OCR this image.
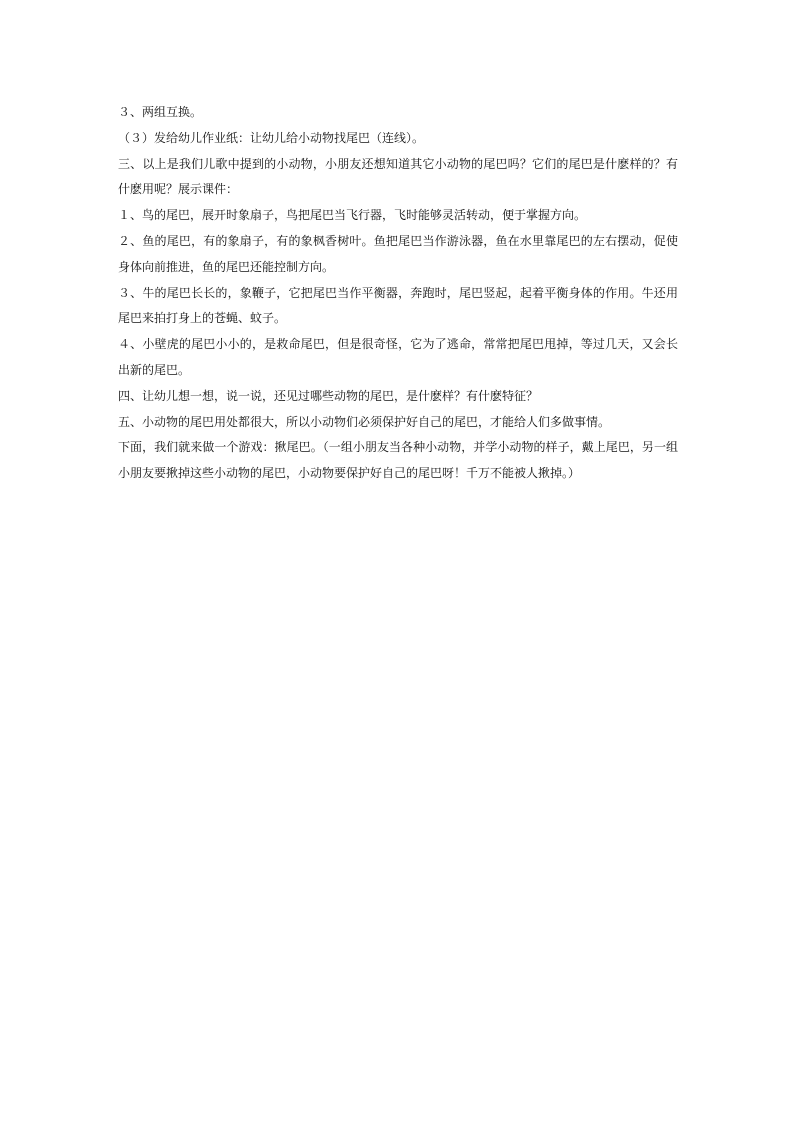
３、两组互换。

（３）发给幼儿作业纸：让幼儿给小动物找尾巴（连线）。

三、以上是我们儿歌中提到的小动物，小朋友还想知道其它小动物的尾巴吗？它们的尾巴是什麽样的？有什麽用呢？展示课件：

１、鸟的尾巴，展开时象扇子，鸟把尾巴当飞行器，飞时能够灵活转动，便于掌握方向。

２、鱼的尾巴，有的象扇子，有的象枫香树叶。鱼把尾巴当作游泳器，鱼在水里靠尾巴的左右摆动，促使身体向前推进，鱼的尾巴还能控制方向。

３、牛的尾巴长长的，象鞭子，它把尾巴当作平衡器，奔跑时，尾巴竖起，起着平衡身体的作用。牛还用尾巴来拍打身上的苍蝇、蚊子。

４、小壁虎的尾巴小小的，是救命尾巴，但是很奇怪，它为了逃命，常常把尾巴甩掉，等过几天，又会长出新的尾巴。

四、让幼儿想一想，说一说，还见过哪些动物的尾巴，是什麽样？有什麽特征？

五、小动物的尾巴用处都很大，所以小动物们必须保护好自己的尾巴，才能给人们多做事情。

下面，我们就来做一个游戏：揪尾巴。（一组小朋友当各种小动物，并学小动物的样子，戴上尾巴，另一组小朋友要揪掉这些小动物的尾巴，小动物要保护好自己的尾巴呀！千万不能被人揪掉。）
